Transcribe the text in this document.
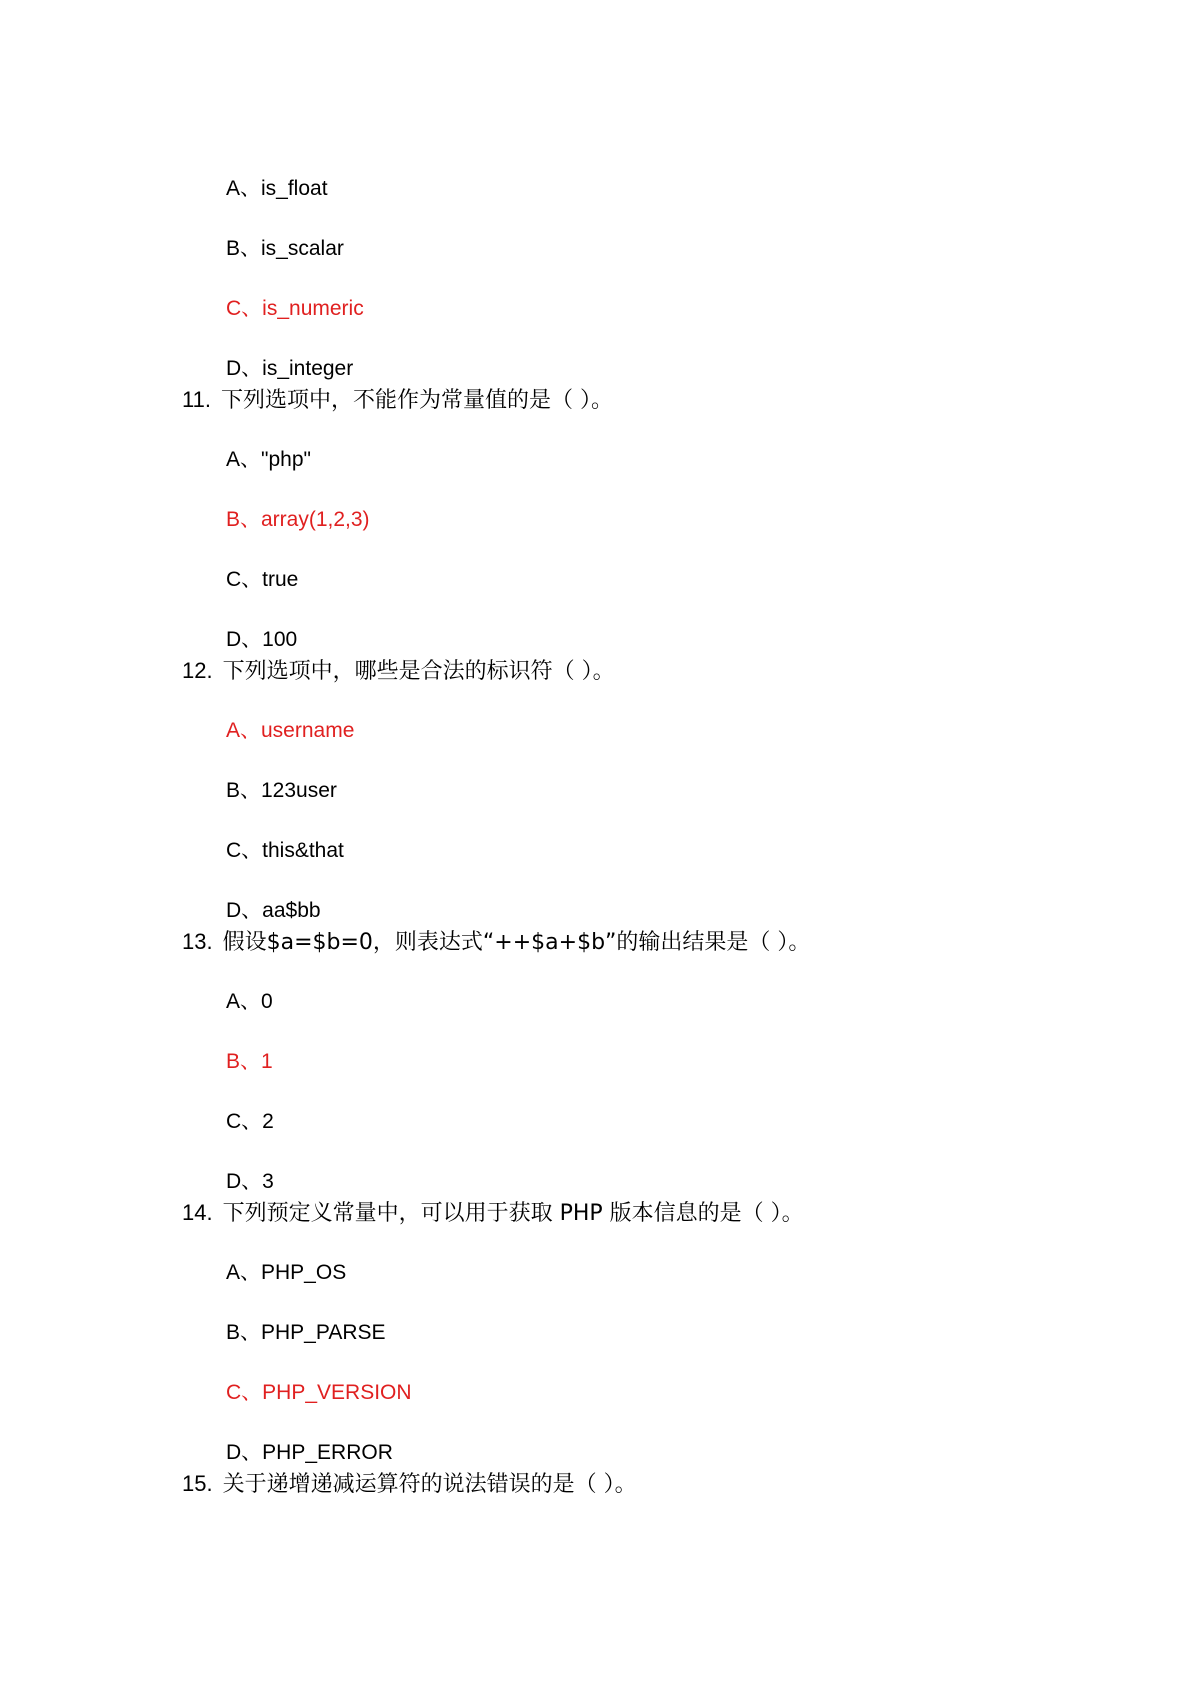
A、is_float
B、is_scalar
C、is_numeric
D、is_integer
11. 下列选项中，不能作为常量值的是（ ）。
A、"php"
B、array(1,2,3)
C、true
D、100
12. 下列选项中，哪些是合法的标识符（ ）。
A、username
B、123user
C、this&that
D、aa$bb
13. 假设$a=$b=0，则表达式“++$a+$b”的输出结果是（ ）。
A、0
B、1
C、2
D、3
14. 下列预定义常量中，可以用于获取 PHP 版本信息的是（ ）。
A、PHP_OS
B、PHP_PARSE
C、PHP_VERSION
D、PHP_ERROR
15. 关于递增递减运算符的说法错误的是（ ）。
